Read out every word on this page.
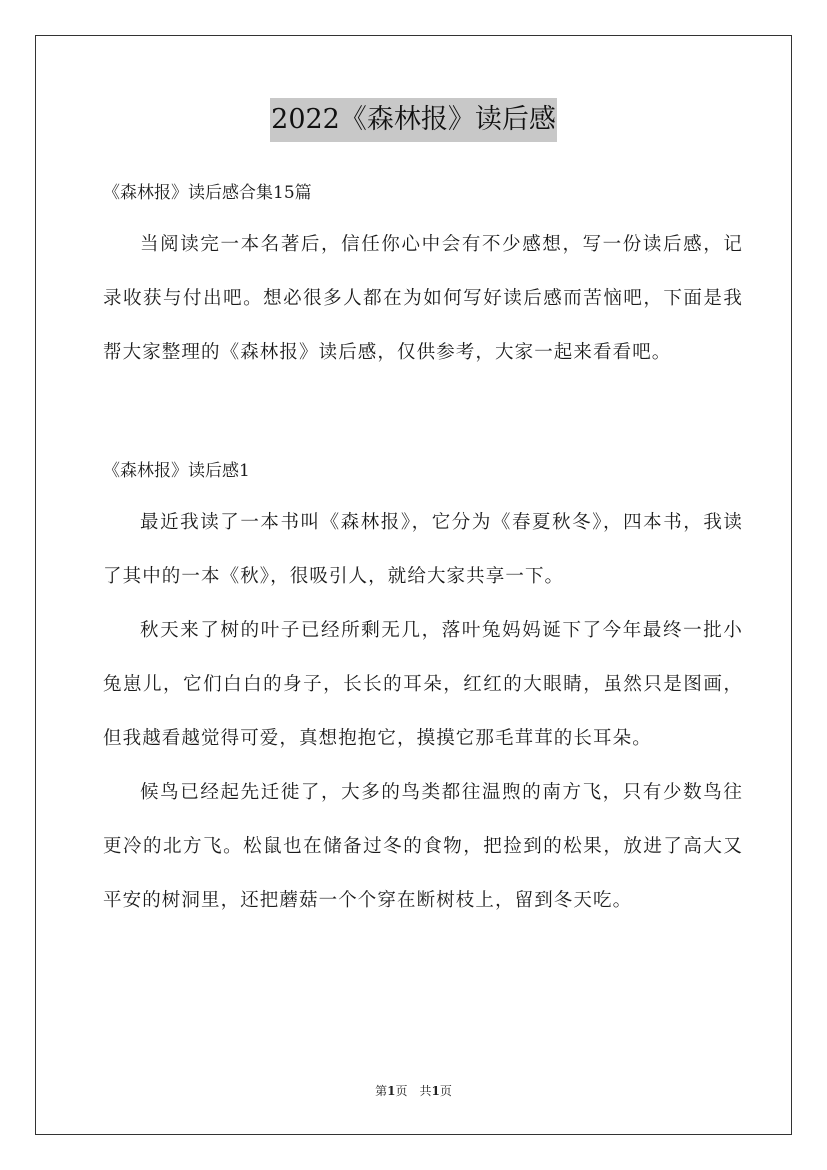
2022《森林报》读后感

《森林报》读后感合集15篇

当阅读完一本名著后，信任你心中会有不少感想，写一份读后感，记录收获与付出吧。想必很多人都在为如何写好读后感而苦恼吧，下面是我帮大家整理的《森林报》读后感，仅供参考，大家一起来看看吧。

《森林报》读后感1

最近我读了一本书叫《森林报》，它分为《春夏秋冬》，四本书，我读了其中的一本《秋》，很吸引人，就给大家共享一下。

秋天来了树的叶子已经所剩无几，落叶兔妈妈诞下了今年最终一批小兔崽儿，它们白白的身子，长长的耳朵，红红的大眼睛，虽然只是图画，但我越看越觉得可爱，真想抱抱它，摸摸它那毛茸茸的长耳朵。

候鸟已经起先迁徙了，大多的鸟类都往温煦的南方飞，只有少数鸟往更冷的北方飞。松鼠也在储备过冬的食物，把捡到的松果，放进了高大又平安的树洞里，还把蘑菇一个个穿在断树枝上，留到冬天吃。

第1页　共1页
